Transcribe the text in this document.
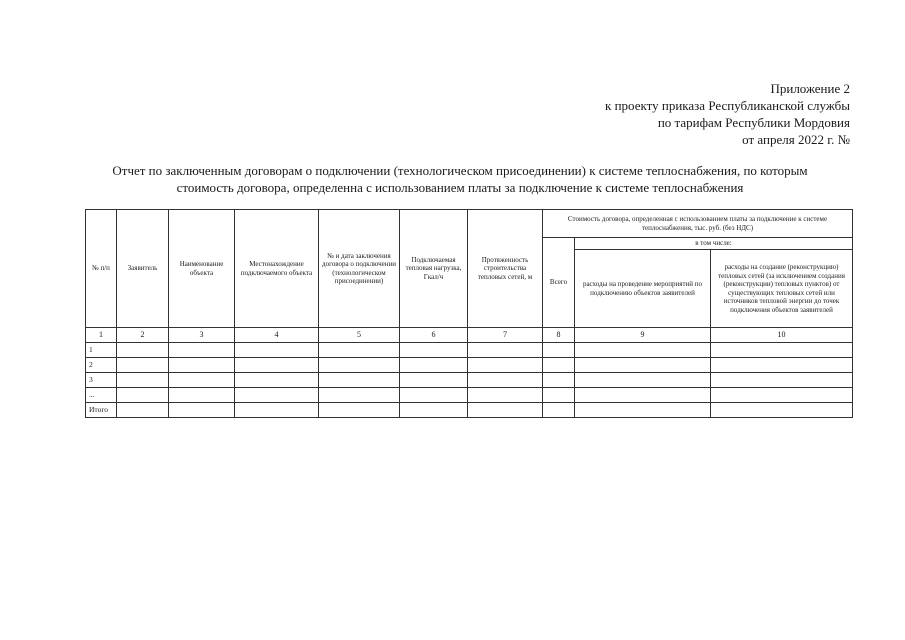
Приложение 2
к проекту приказа Республиканской службы
по тарифам Республики Мордовия
от апреля 2022 г. №
Отчет по заключенным договорам о подключении (технологическом присоединении) к системе теплоснабжения, по которым
стоимость договора, определенна с использованием платы за подключение к системе теплоснабжения
№ п/п	Заявитель	Наименование объекта	Местонахождение подключаемого объекта	№ и дата заключения договора о подключении (технологическом присоединении)	Подключаемая тепловая нагрузка, Гкал/ч	Протяженность строительства тепловых сетей, м	Стоимость договора, определенная с использованием платы за подключение к системе теплоснабжения, тыс. руб. (без НДС)		
							Всего	в том числе:	
								расходы на проведение мероприятий по подключению объектов заявителей	расходы на создание (реконструкцию) тепловых сетей (за исключением создания (реконструкции) тепловых пунктов) от существующих тепловых сетей или источников тепловой энергии до точек подключения объектов заявителей
1	2	3	4	5	6	7	8	9	10
1									
2									
3									
...									
Итого									
